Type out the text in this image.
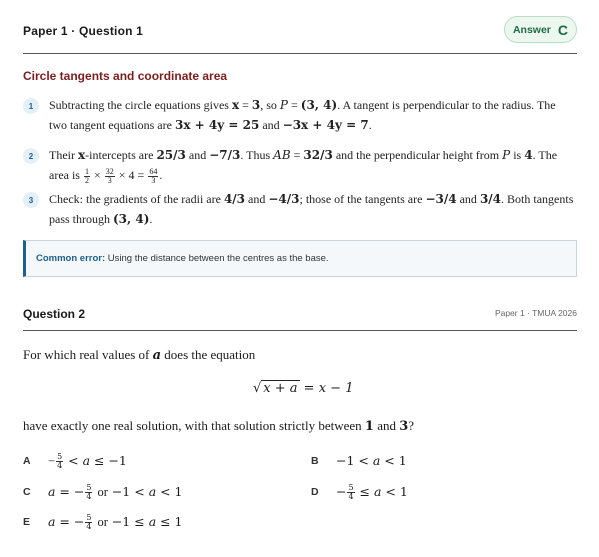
Paper 1 · Question 1	Answer C
Circle tangents and coordinate area
1	Subtracting the circle equations gives x = 3, so P = (3, 4). A tangent is perpendicular to the radius. The two tangent equations are 3x + 4y = 25 and −3x + 4y = 7.
2	Their x-intercepts are 25/3 and −7/3. Thus AB = 32/3 and the perpendicular height from P is 4. The area is $\frac{1}{2} \times \frac{32}{3} \times 4 = \frac{64}{3}$ .
3	Check: the gradients of the radii are 4/3 and −4/3; those of the tangents are −3/4 and 3/4. Both tangents pass through (3, 4).
Common error: Using the distance between the centres as the base.
Question 2	Paper 1 · TMUA 2026
For which real values of a does the equation
√ x + a = x − 1
have exactly one real solution, with that solution strictly between 1 and 3?
$A - \frac{5}{4} < a \le -1$	B −1 < a < 1
C a = − $\frac{5}{4}$ or −1 < a < 1	$D - \frac{5}{4} \le a < 1$
E a = − $\frac{5}{4}$ or −1 ≤ a ≤ 1
